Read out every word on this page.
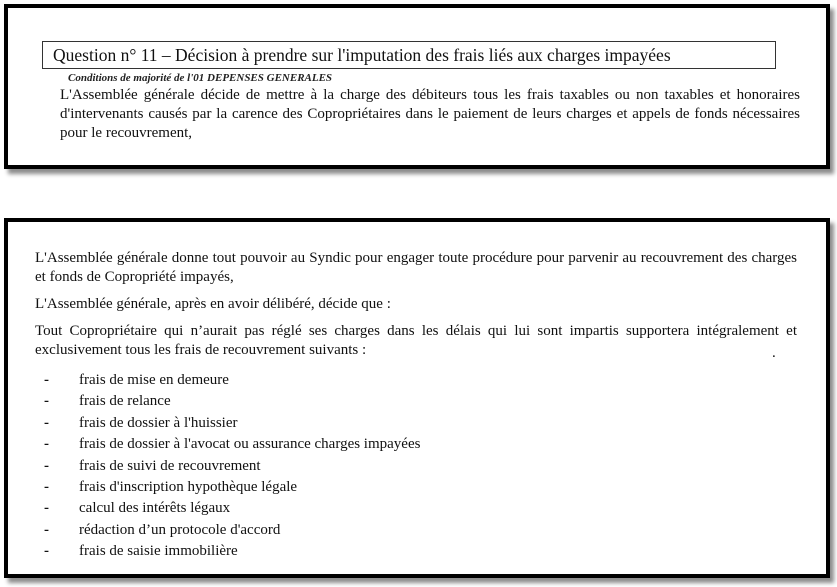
Question n° 11 – Décision à prendre sur l'imputation des frais liés aux charges impayées
Conditions de majorité de l'01 DEPENSES GENERALES
L'Assemblée générale décide de mettre à la charge des débiteurs tous les frais taxables ou non taxables et honoraires d'intervenants causés par la carence des Copropriétaires dans le paiement de leurs charges et appels de fonds nécessaires pour le recouvrement,
L'Assemblée générale donne tout pouvoir au Syndic pour engager toute procédure pour parvenir au recouvrement des charges et fonds de Copropriété impayés,
L'Assemblée générale, après en avoir délibéré, décide que :
Tout Copropriétaire qui n’aurait pas réglé ses charges dans les délais qui lui sont impartis supportera intégralement et exclusivement tous les frais de recouvrement suivants :	.
- frais de mise en demeure
- frais de relance
- frais de dossier à l'huissier
- frais de dossier à l'avocat ou assurance charges impayées
- frais de suivi de recouvrement
- frais d'inscription hypothèque légale
- calcul des intérêts légaux
- rédaction d’un protocole d'accord
- frais de saisie immobilière
